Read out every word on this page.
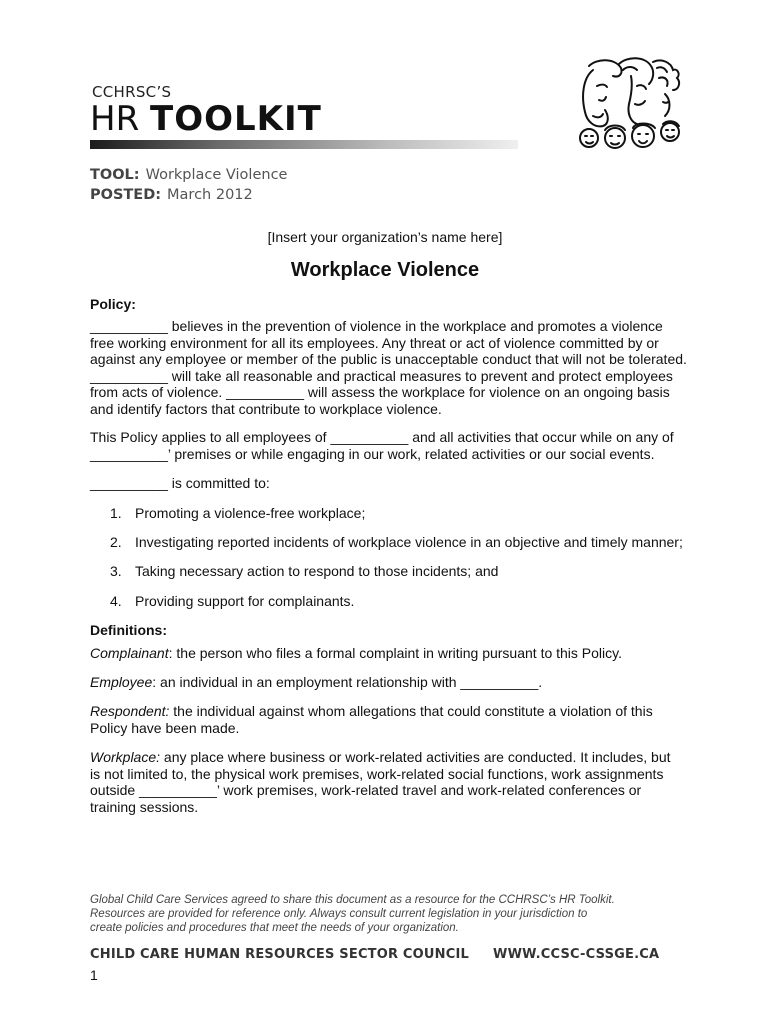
CCHRSC’S
HR TOOLKIT
TOOL: Workplace Violence
POSTED: March 2012
[Insert your organization’s name here]
Workplace Violence
Policy:
__________ believes in the prevention of violence in the workplace and promotes a violence
free working environment for all its employees. Any threat or act of violence committed by or
against any employee or member of the public is unacceptable conduct that will not be tolerated.
__________ will take all reasonable and practical measures to prevent and protect employees
from acts of violence. __________ will assess the workplace for violence on an ongoing basis
and identify factors that contribute to workplace violence.
This Policy applies to all employees of __________ and all activities that occur while on any of
__________’ premises or while engaging in our work, related activities or our social events.
__________ is committed to:
1. Promoting a violence-free workplace;
2. Investigating reported incidents of workplace violence in an objective and timely manner;
3. Taking necessary action to respond to those incidents; and
4. Providing support for complainants.
Definitions:
Complainant: the person who files a formal complaint in writing pursuant to this Policy.
Employee: an individual in an employment relationship with __________.
Respondent: the individual against whom allegations that could constitute a violation of this
Policy have been made.
Workplace: any place where business or work-related activities are conducted. It includes, but
is not limited to, the physical work premises, work-related social functions, work assignments
outside __________’ work premises, work-related travel and work-related conferences or
training sessions.
Global Child Care Services agreed to share this document as a resource for the CCHRSC’s HR Toolkit.
Resources are provided for reference only. Always consult current legislation in your jurisdiction to
create policies and procedures that meet the needs of your organization.
CHILD CARE HUMAN RESOURCES SECTOR COUNCIL WWW.CCSC-CSSGE.CA
1
